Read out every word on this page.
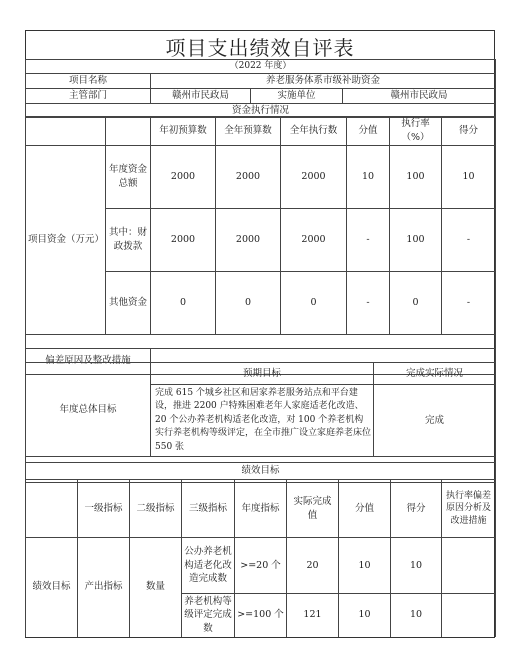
项目支出绩效自评表
（2022 年度）			
项目名称	养老服务体系市级补助资金		
主管部门	赣州市民政局	实施单位	赣州市民政局
资金执行情况			
		年初预算数	全年预算数	全年执行数	分值	执行率（%）	得分
项目资金（万元）	年度资金总额	2000	2000	2000	10	100	10
	其中：财政拨款	2000	2000	2000	-	100	-
	其他资金	0	0	0	-	0	-

偏差原因及整改措施							
年度总体目标	预期目标	完成实际情况
	完成 615 个城乡社区和居家养老服务站点和平台建设，推进 2200 户特殊困难老年人家庭适老化改造、20 个公办养老机构适老化改造，对 100 个养老机构实行养老机构等级评定，在全市推广设立家庭养老床位 550 张	完成

绩效目标								
	一级指标	二级指标	三级指标	年度指标	实际完成值	分值	得分	执行率偏差原因分析及改进措施
绩效目标	产出指标	数量	公办养老机构适老化改造完成数	>=20 个	20	10	10	
			养老机构等级评定完成数	>=100 个	121	10	10	
